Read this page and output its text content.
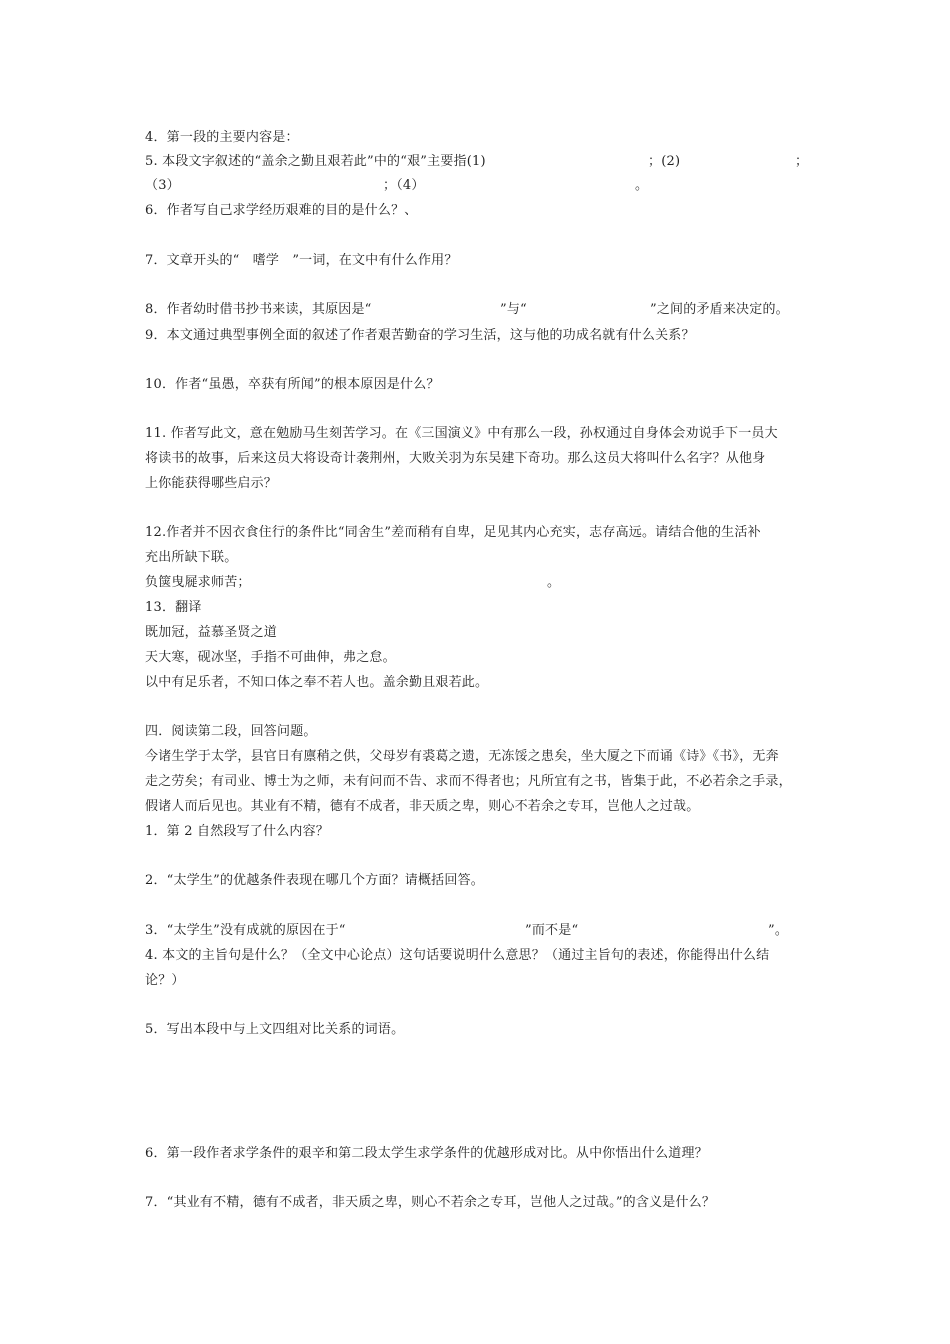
4．第一段的主要内容是：
5. 本段文字叙述的“盖余之勤且艰若此”中的“艰”主要指(1)	；(2)	；
（3）	；（4）	。
6．作者写自己求学经历艰难的目的是什么？、
7．文章开头的“　嗜学　”一词，在文中有什么作用？
8．作者幼时借书抄书来读，其原因是“	”与“	”之间的矛盾来决定的。
9．本文通过典型事例全面的叙述了作者艰苦勤奋的学习生活，这与他的功成名就有什么关系？
10．作者“虽愚，卒获有所闻”的根本原因是什么？
11. 作者写此文，意在勉励马生刻苦学习。在《三国演义》中有那么一段，孙权通过自身体会劝说手下一员大
将读书的故事，后来这员大将设奇计袭荆州，大败关羽为东吴建下奇功。那么这员大将叫什么名字？从他身
上你能获得哪些启示？
12.作者并不因衣食住行的条件比“同舍生”差而稍有自卑，足见其内心充实，志存高远。请结合他的生活补
充出所缺下联。
负箧曳屣求师苦；	。
13．翻译
既加冠，益慕圣贤之道
天大寒，砚冰坚，手指不可曲伸，弗之怠。
以中有足乐者，不知口体之奉不若人也。盖余勤且艰若此。
四．阅读第二段，回答问题。
今诸生学于太学，县官日有廪稍之供，父母岁有裘葛之遗，无冻馁之患矣，坐大厦之下而诵《诗》《书》，无奔
走之劳矣；有司业、博士为之师，未有问而不告、求而不得者也；凡所宜有之书，皆集于此，不必若余之手录，
假诸人而后见也。其业有不精，德有不成者，非天质之卑，则心不若余之专耳，岂他人之过哉。
1．第 2 自然段写了什么内容？
2．“太学生”的优越条件表现在哪几个方面？请概括回答。
3．“太学生”没有成就的原因在于“	”而不是“	”。
4. 本文的主旨句是什么？（全文中心论点）这句话要说明什么意思？（通过主旨句的表述，你能得出什么结
论？）
5．写出本段中与上文四组对比关系的词语。
6．第一段作者求学条件的艰辛和第二段太学生求学条件的优越形成对比。从中你悟出什么道理？
7．“其业有不精，德有不成者，非天质之卑，则心不若余之专耳，岂他人之过哉。”的含义是什么？
